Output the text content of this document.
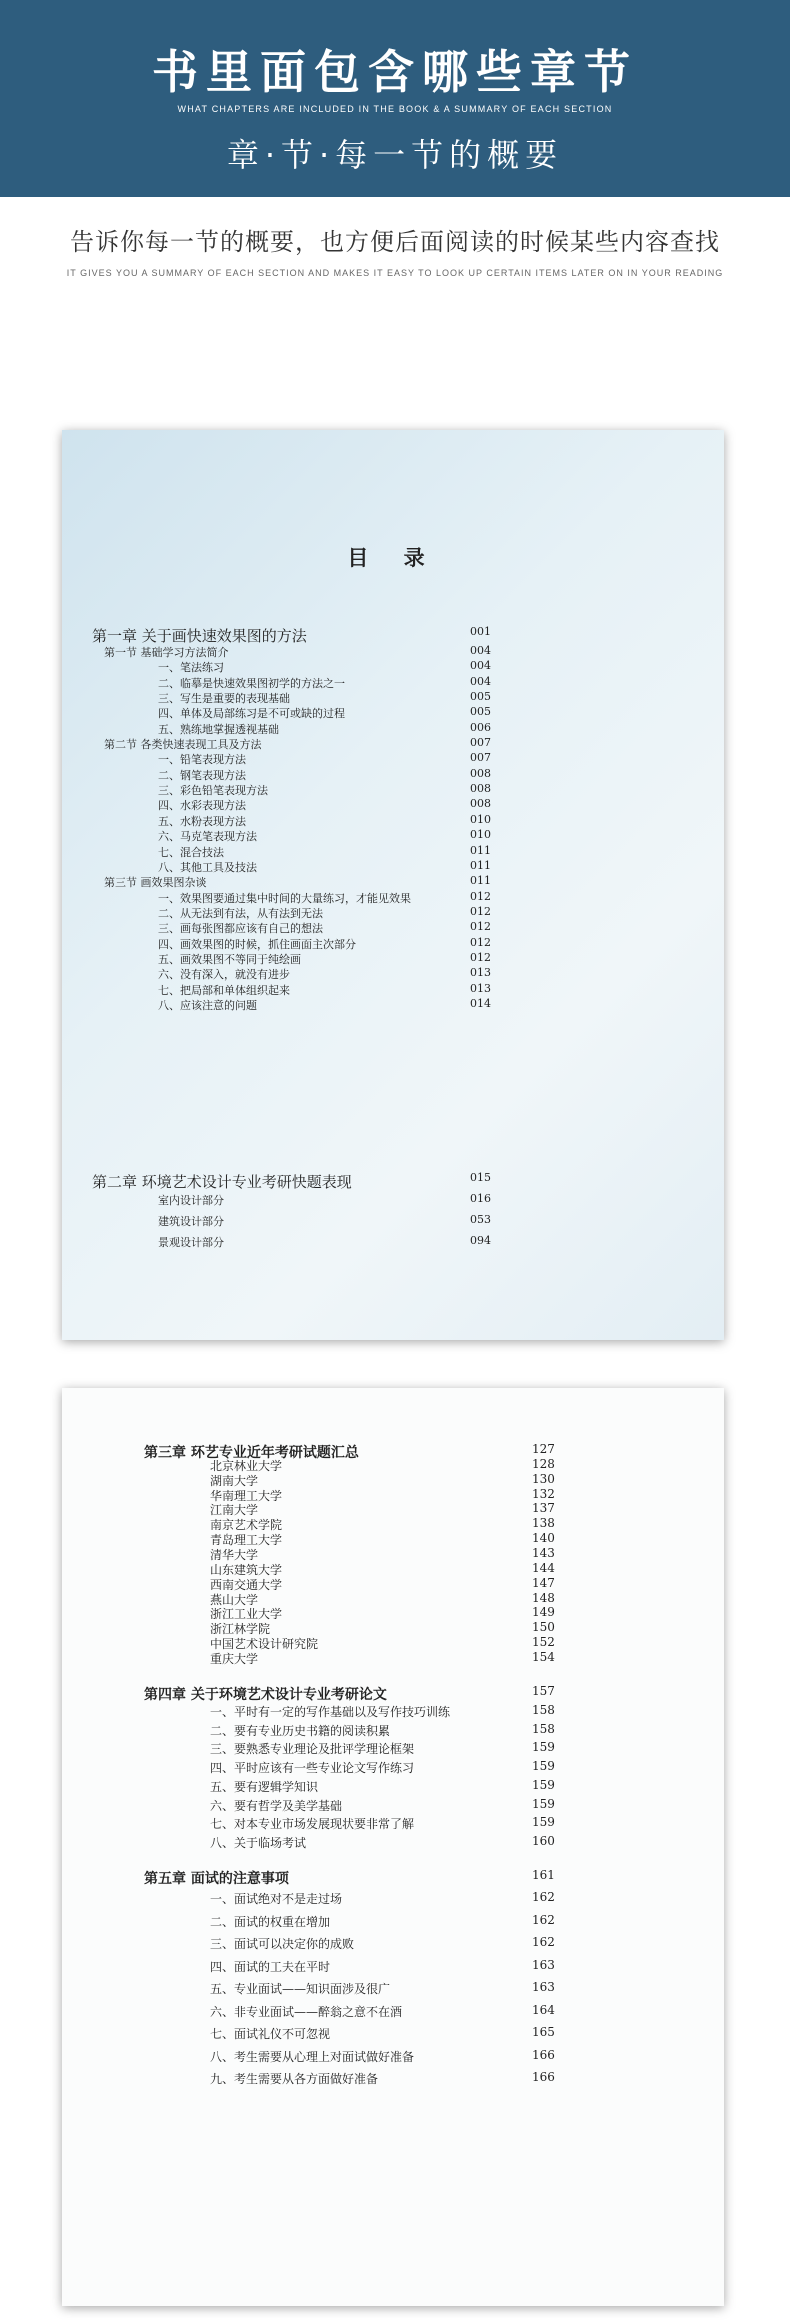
书里面包含哪些章节
WHAT CHAPTERS ARE INCLUDED IN THE BOOK & A SUMMARY OF EACH SECTION
章·节·每一节的概要
告诉你每一节的概要，也方便后面阅读的时候某些内容查找
IT GIVES YOU A SUMMARY OF EACH SECTION AND MAKES IT EASY TO LOOK UP CERTAIN ITEMS LATER ON IN YOUR READING
目 录
第一章 关于画快速效果图的方法	001
第一节 基础学习方法简介	004
一、笔法练习	004
二、临摹是快速效果图初学的方法之一	004
三、写生是重要的表现基础	005
四、单体及局部练习是不可或缺的过程	005
五、熟练地掌握透视基础	006
第二节 各类快速表现工具及方法	007
一、铅笔表现方法	007
二、钢笔表现方法	008
三、彩色铅笔表现方法	008
四、水彩表现方法	008
五、水粉表现方法	010
六、马克笔表现方法	010
七、混合技法	011
八、其他工具及技法	011
第三节 画效果图杂谈	011
一、效果图要通过集中时间的大量练习，才能见效果	012
二、从无法到有法，从有法到无法	012
三、画每张图都应该有自己的想法	012
四、画效果图的时候，抓住画面主次部分	012
五、画效果图不等同于纯绘画	012
六、没有深入，就没有进步	013
七、把局部和单体组织起来	013
八、应该注意的问题	014
第二章 环境艺术设计专业考研快题表现	015
室内设计部分	016
建筑设计部分	053
景观设计部分	094
第三章 环艺专业近年考研试题汇总	127
北京林业大学	128
湖南大学	130
华南理工大学	132
江南大学	137
南京艺术学院	138
青岛理工大学	140
清华大学	143
山东建筑大学	144
西南交通大学	147
燕山大学	148
浙江工业大学	149
浙江林学院	150
中国艺术设计研究院	152
重庆大学	154
第四章 关于环境艺术设计专业考研论文	157
一、平时有一定的写作基础以及写作技巧训练	158
二、要有专业历史书籍的阅读积累	158
三、要熟悉专业理论及批评学理论框架	159
四、平时应该有一些专业论文写作练习	159
五、要有逻辑学知识	159
六、要有哲学及美学基础	159
七、对本专业市场发展现状要非常了解	159
八、关于临场考试	160
第五章 面试的注意事项	161
一、面试绝对不是走过场	162
二、面试的权重在增加	162
三、面试可以决定你的成败	162
四、面试的工夫在平时	163
五、专业面试——知识面涉及很广	163
六、非专业面试——醉翁之意不在酒	164
七、面试礼仪不可忽视	165
八、考生需要从心理上对面试做好准备	166
九、考生需要从各方面做好准备	166
